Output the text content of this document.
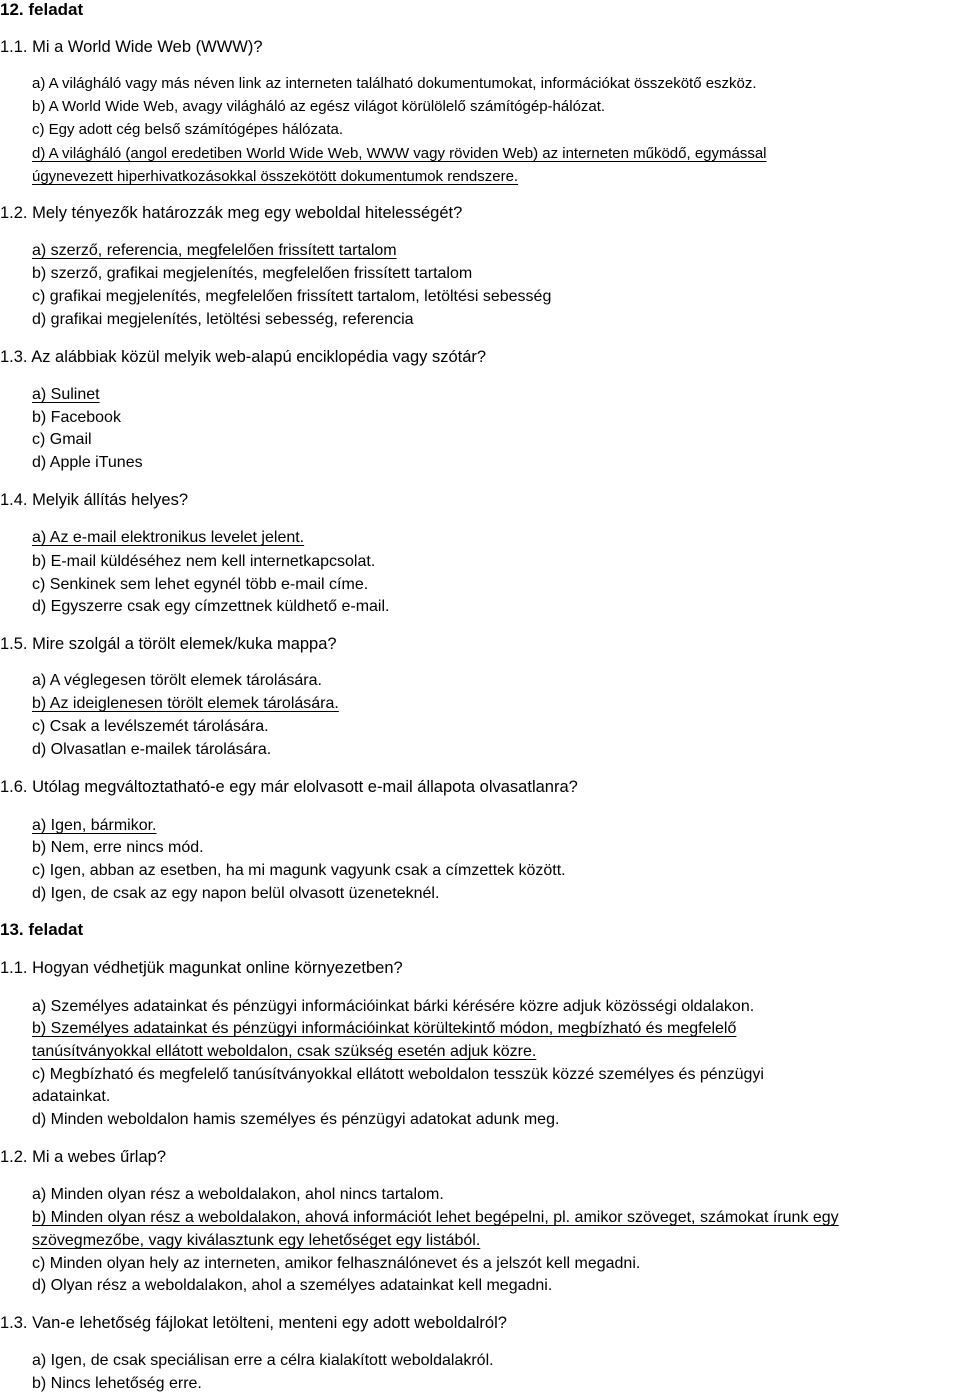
12. feladat
1.1. Mi a World Wide Web (WWW)?
a) A világháló vagy más néven link az interneten található dokumentumokat, információkat összekötő eszköz.
b) A World Wide Web, avagy világháló az egész világot körülölelő számítógép-hálózat.
c) Egy adott cég belső számítógépes hálózata.
d) A világháló (angol eredetiben World Wide Web, WWW vagy röviden Web) az interneten működő, egymással
úgynevezett hiperhivatkozásokkal összekötött dokumentumok rendszere.
1.2. Mely tényezők határozzák meg egy weboldal hitelességét?
a) szerző, referencia, megfelelően frissített tartalom
b) szerző, grafikai megjelenítés, megfelelően frissített tartalom
c) grafikai megjelenítés, megfelelően frissített tartalom, letöltési sebesség
d) grafikai megjelenítés, letöltési sebesség, referencia
1.3. Az alábbiak közül melyik web-alapú enciklopédia vagy szótár?
a) Sulinet
b) Facebook
c) Gmail
d) Apple iTunes
1.4. Melyik állítás helyes?
a) Az e-mail elektronikus levelet jelent.
b) E-mail küldéséhez nem kell internetkapcsolat.
c) Senkinek sem lehet egynél több e-mail címe.
d) Egyszerre csak egy címzettnek küldhető e-mail.
1.5. Mire szolgál a törölt elemek/kuka mappa?
a) A véglegesen törölt elemek tárolására.
b) Az ideiglenesen törölt elemek tárolására.
c) Csak a levélszemét tárolására.
d) Olvasatlan e-mailek tárolására.
1.6. Utólag megváltoztatható-e egy már elolvasott e-mail állapota olvasatlanra?
a) Igen, bármikor.
b) Nem, erre nincs mód.
c) Igen, abban az esetben, ha mi magunk vagyunk csak a címzettek között.
d) Igen, de csak az egy napon belül olvasott üzeneteknél.
13. feladat
1.1. Hogyan védhetjük magunkat online környezetben?
a) Személyes adatainkat és pénzügyi információinkat bárki kérésére közre adjuk közösségi oldalakon.
b) Személyes adatainkat és pénzügyi információinkat körültekintő módon, megbízható és megfelelő
tanúsítványokkal ellátott weboldalon, csak szükség esetén adjuk közre.
c) Megbízható és megfelelő tanúsítványokkal ellátott weboldalon tesszük közzé személyes és pénzügyi
adatainkat.
d) Minden weboldalon hamis személyes és pénzügyi adatokat adunk meg.
1.2. Mi a webes űrlap?
a) Minden olyan rész a weboldalakon, ahol nincs tartalom.
b) Minden olyan rész a weboldalakon, ahová információt lehet begépelni, pl. amikor szöveget, számokat írunk egy
szövegmezőbe, vagy kiválasztunk egy lehetőséget egy listából.
c) Minden olyan hely az interneten, amikor felhasználónevet és a jelszót kell megadni.
d) Olyan rész a weboldalakon, ahol a személyes adatainkat kell megadni.
1.3. Van-e lehetőség fájlokat letölteni, menteni egy adott weboldalról?
a) Igen, de csak speciálisan erre a célra kialakított weboldalakról.
b) Nincs lehetőség erre.
